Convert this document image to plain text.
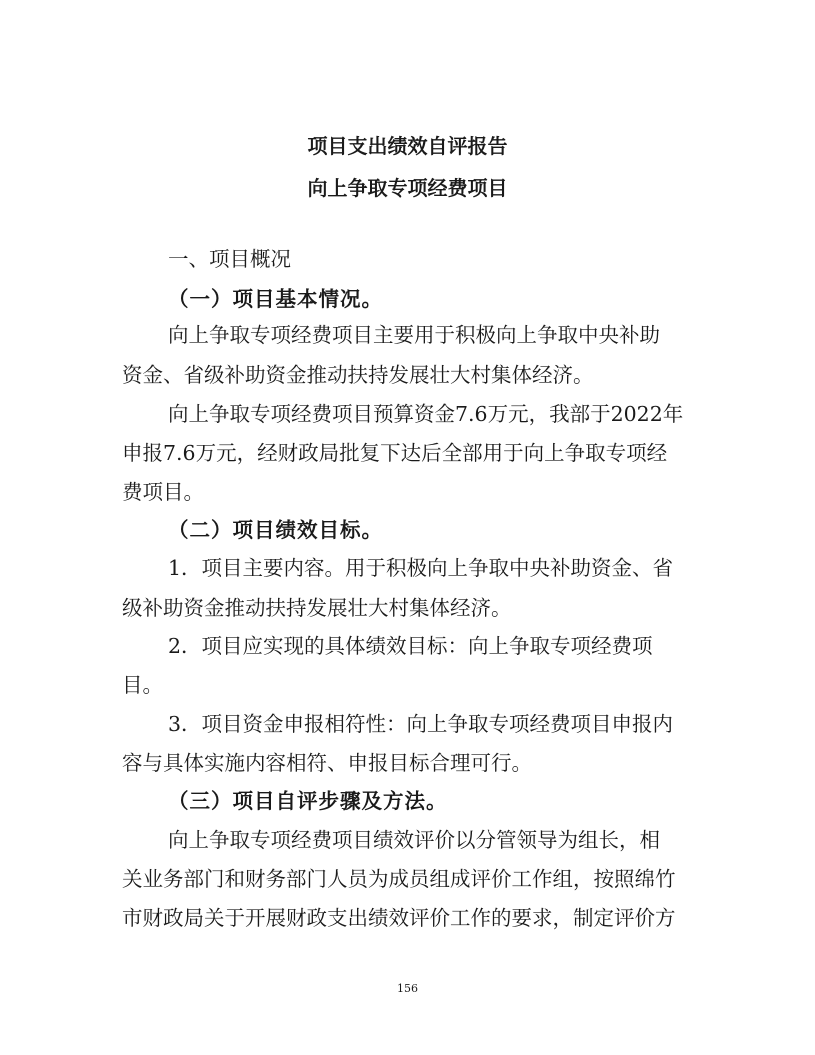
项目支出绩效自评报告
向上争取专项经费项目
一、项目概况
（一）项目基本情况。
向上争取专项经费项目主要用于积极向上争取中央补助
资金、省级补助资金推动扶持发展壮大村集体经济。
向上争取专项经费项目预算资金7.6万元，我部于2022年
申报7.6万元，经财政局批复下达后全部用于向上争取专项经
费项目。
（二）项目绩效目标。
1．项目主要内容。用于积极向上争取中央补助资金、省
级补助资金推动扶持发展壮大村集体经济。
2．项目应实现的具体绩效目标：向上争取专项经费项
目。
3．项目资金申报相符性：向上争取专项经费项目申报内
容与具体实施内容相符、申报目标合理可行。
（三）项目自评步骤及方法。
向上争取专项经费项目绩效评价以分管领导为组长，相
关业务部门和财务部门人员为成员组成评价工作组，按照绵竹
市财政局关于开展财政支出绩效评价工作的要求，制定评价方
156
